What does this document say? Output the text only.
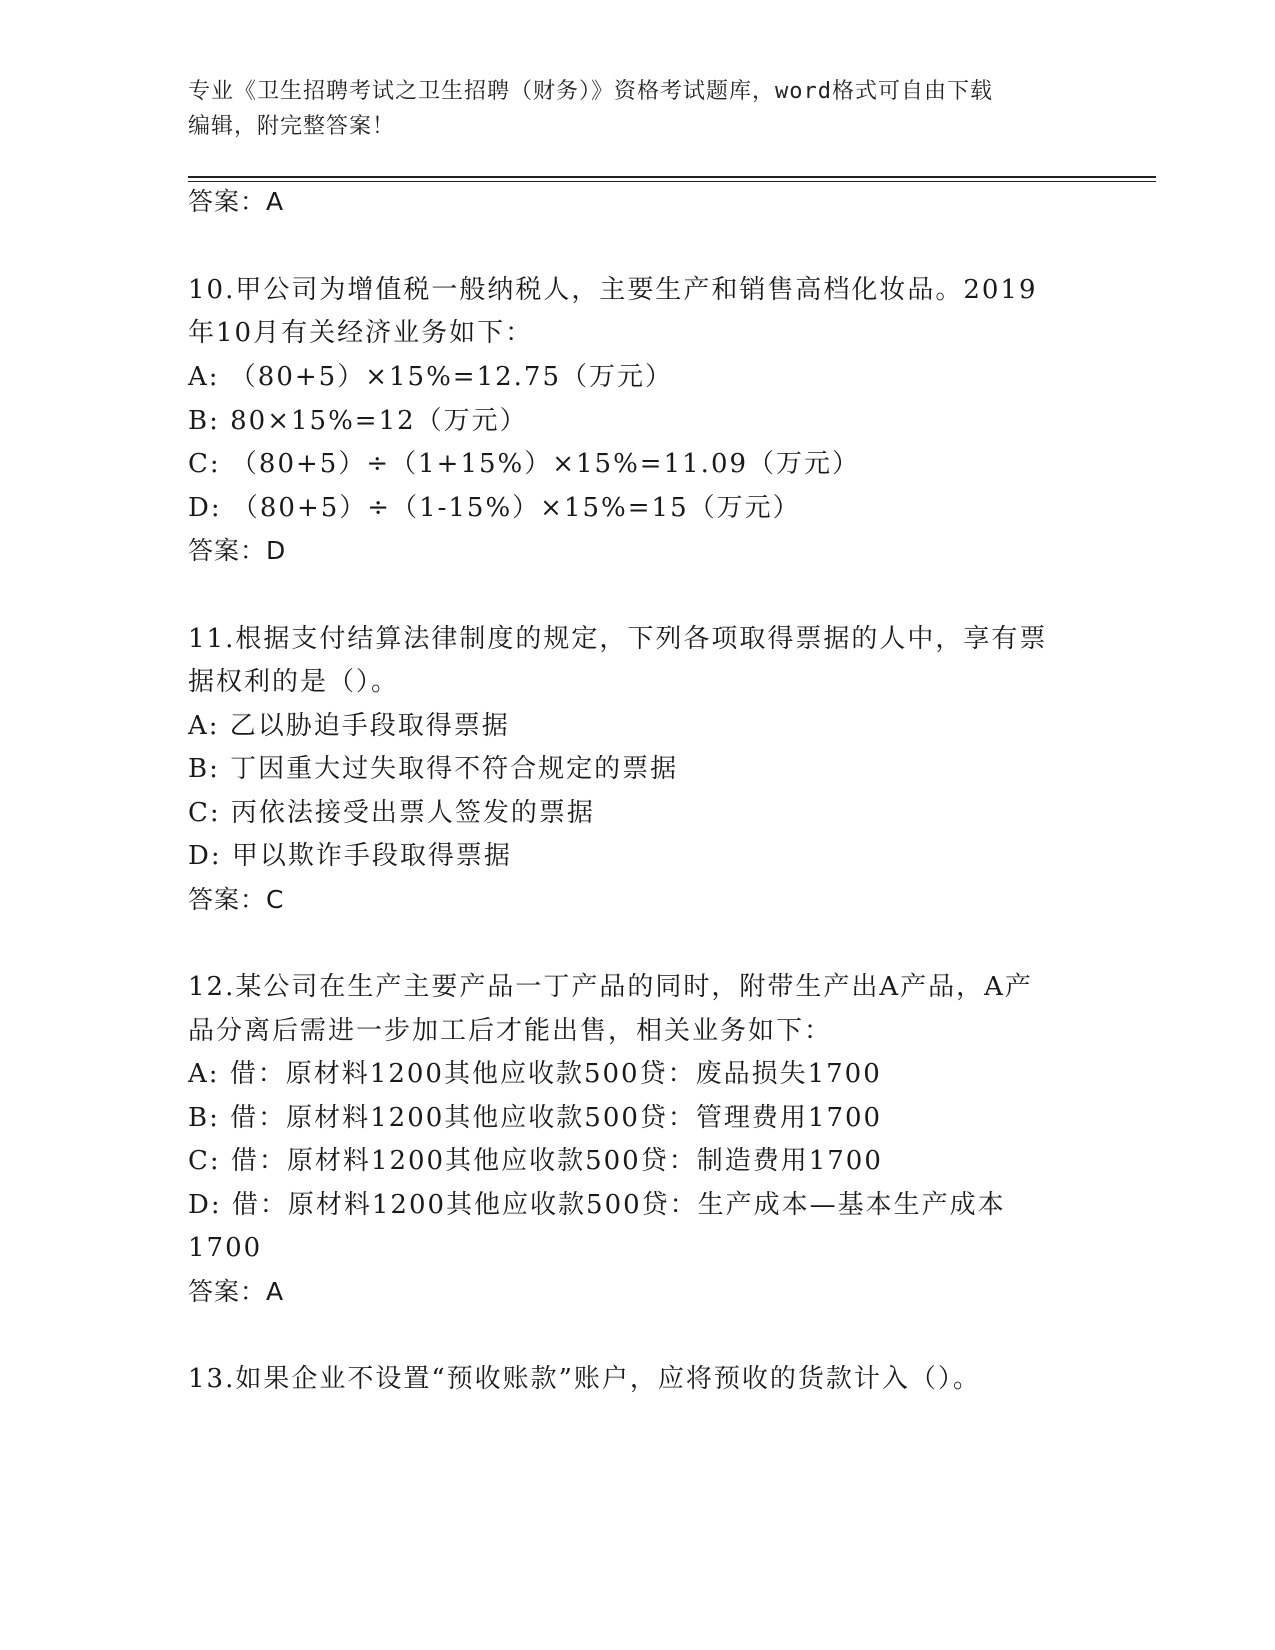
专业《卫生招聘考试之卫生招聘（财务）》资格考试题库，word格式可自由下载
编辑，附完整答案！
答案：A
10.甲公司为增值税一般纳税人，主要生产和销售高档化妆品。2019
年10月有关经济业务如下：
A: （80+5）×15%=12.75（万元）
B: 80×15%=12（万元）
C: （80+5）÷（1+15%）×15%=11.09（万元）
D: （80+5）÷（1-15%）×15%=15（万元）
答案：D
11.根据支付结算法律制度的规定，下列各项取得票据的人中，享有票
据权利的是（）。
A: 乙以胁迫手段取得票据
B: 丁因重大过失取得不符合规定的票据
C: 丙依法接受出票人签发的票据
D: 甲以欺诈手段取得票据
答案：C
12.某公司在生产主要产品一丁产品的同时，附带生产出A产品，A产
品分离后需进一步加工后才能出售，相关业务如下：
A: 借：原材料1200其他应收款500贷：废品损失1700
B: 借：原材料1200其他应收款500贷：管理费用1700
C: 借：原材料1200其他应收款500贷：制造费用1700
D: 借：原材料1200其他应收款500贷：生产成本—基本生产成本
1700
答案：A
13.如果企业不设置“预收账款”账户，应将预收的货款计入（）。
